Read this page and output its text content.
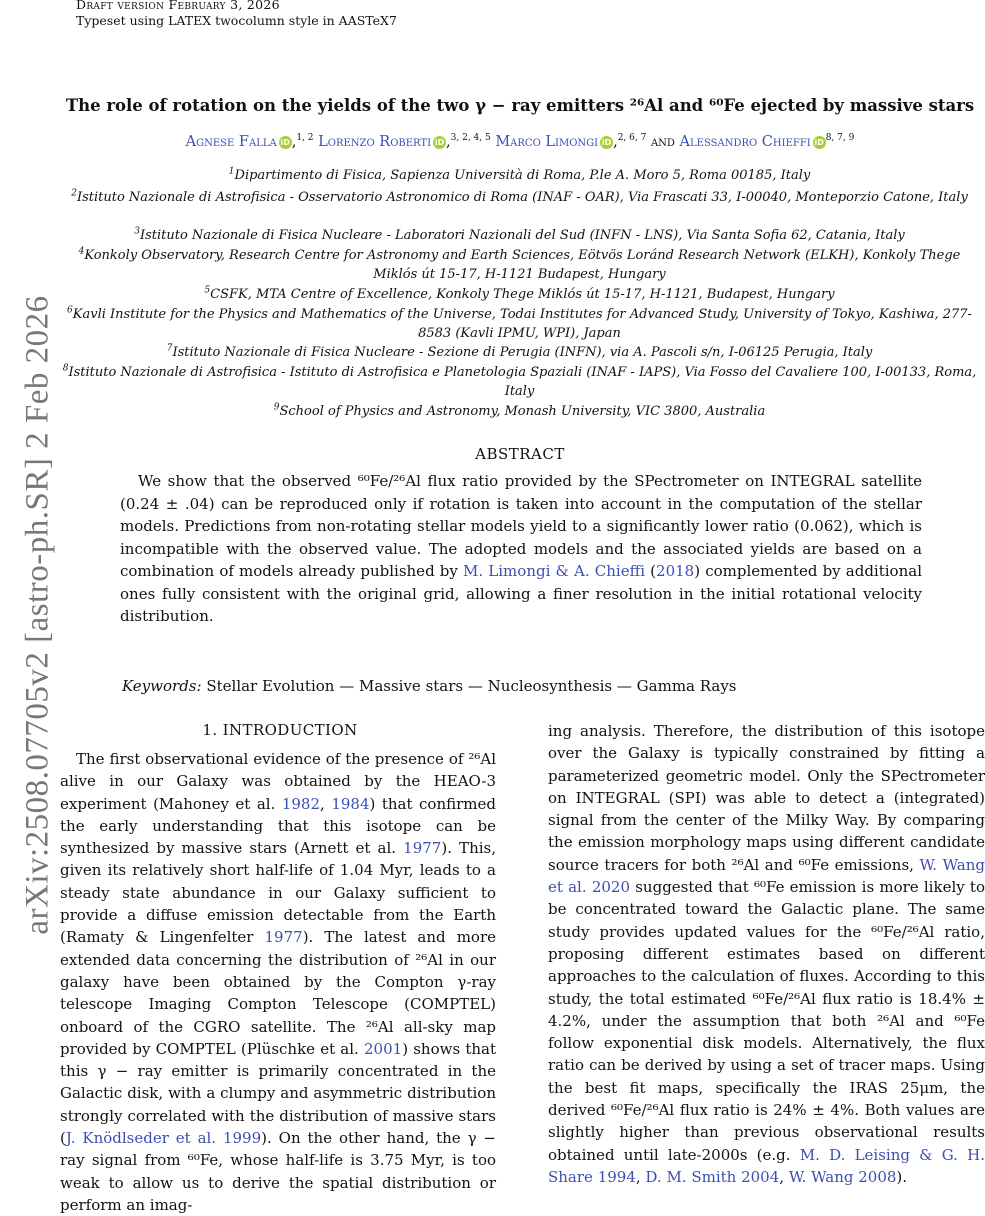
Draft version February 3, 2026
Typeset using LATEX twocolumn style in AASTeX7
arXiv:2508.07705v2 [astro-ph.SR] 2 Feb 2026
The role of rotation on the yields of the two γ − ray emitters ²⁶Al and ⁶⁰Fe ejected by massive stars
Agnese Falla iD ,$^{1, 2}$ Lorenzo Roberti iD ,$^{3, 2, 4, 5}$ Marco Limongi iD ,$^{2, 6, 7}$ and Alessandro Chieffi iD $^{8, 7, 9}$
$^1$Dipartimento di Fisica, Sapienza Università di Roma, P.le A. Moro 5, Roma 00185, Italy
$^2$Istituto Nazionale di Astrofisica - Osservatorio Astronomico di Roma (INAF - OAR), Via Frascati 33, I-00040, Monteporzio Catone, Italy
$^3$Istituto Nazionale di Fisica Nucleare - Laboratori Nazionali del Sud (INFN - LNS), Via Santa Sofia 62, Catania, Italy
$^4$Konkoly Observatory, Research Centre for Astronomy and Earth Sciences, Eötvös Loránd Research Network (ELKH), Konkoly Thege Miklós út 15-17, H-1121 Budapest, Hungary
$^5$CSFK, MTA Centre of Excellence, Konkoly Thege Miklós út 15-17, H-1121, Budapest, Hungary
$^6$Kavli Institute for the Physics and Mathematics of the Universe, Todai Institutes for Advanced Study, University of Tokyo, Kashiwa, 277-8583 (Kavli IPMU, WPI), Japan
$^7$Istituto Nazionale di Fisica Nucleare - Sezione di Perugia (INFN), via A. Pascoli s/n, I-06125 Perugia, Italy
$^8$Istituto Nazionale di Astrofisica - Istituto di Astrofisica e Planetologia Spaziali (INAF - IAPS), Via Fosso del Cavaliere 100, I-00133, Roma, Italy
$^9$School of Physics and Astronomy, Monash University, VIC 3800, Australia
ABSTRACT
We show that the observed ⁶⁰Fe/²⁶Al flux ratio provided by the SPectrometer on INTEGRAL satellite (0.24 ± .04) can be reproduced only if rotation is taken into account in the computation of the stellar models. Predictions from non-rotating stellar models yield to a significantly lower ratio (0.062), which is incompatible with the observed value. The adopted models and the associated yields are based on a combination of models already published by M. Limongi & A. Chieffi (2018) complemented by additional ones fully consistent with the original grid, allowing a finer resolution in the initial rotational velocity distribution.
Keywords: Stellar Evolution — Massive stars — Nucleosynthesis — Gamma Rays
1. INTRODUCTION
The first observational evidence of the presence of ²⁶Al alive in our Galaxy was obtained by the HEAO-3 experiment (Mahoney et al. 1982, 1984) that confirmed the early understanding that this isotope can be synthesized by massive stars (Arnett et al. 1977). This, given its relatively short half-life of 1.04 Myr, leads to a steady state abundance in our Galaxy sufficient to provide a diffuse emission detectable from the Earth (Ramaty & Lingenfelter 1977). The latest and more extended data concerning the distribution of ²⁶Al in our galaxy have been obtained by the Compton γ-ray telescope Imaging Compton Telescope (COMPTEL) onboard of the CGRO satellite. The ²⁶Al all-sky map provided by COMPTEL (Plüschke et al. 2001) shows that this γ − ray emitter is primarily concentrated in the Galactic disk, with a clumpy and asymmetric distribution strongly correlated with the distribution of massive stars (J. Knödlseder et al. 1999). On the other hand, the γ − ray signal from ⁶⁰Fe, whose half-life is 3.75 Myr, is too weak to allow us to derive the spatial distribution or perform an imag-
ing analysis. Therefore, the distribution of this isotope over the Galaxy is typically constrained by fitting a parameterized geometric model. Only the SPectrometer on INTEGRAL (SPI) was able to detect a (integrated) signal from the center of the Milky Way. By comparing the emission morphology maps using different candidate source tracers for both ²⁶Al and ⁶⁰Fe emissions, W. Wang et al. 2020 suggested that ⁶⁰Fe emission is more likely to be concentrated toward the Galactic plane. The same study provides updated values for the ⁶⁰Fe/²⁶Al ratio, proposing different estimates based on different approaches to the calculation of fluxes. According to this study, the total estimated ⁶⁰Fe/²⁶Al flux ratio is 18.4% ± 4.2%, under the assumption that both ²⁶Al and ⁶⁰Fe follow exponential disk models. Alternatively, the flux ratio can be derived by using a set of tracer maps. Using the best fit maps, specifically the IRAS 25μm, the derived ⁶⁰Fe/²⁶Al flux ratio is 24% ± 4%. Both values are slightly higher than previous observational results obtained until late-2000s (e.g. M. D. Leising & G. H. Share 1994, D. M. Smith 2004, W. Wang 2008).
